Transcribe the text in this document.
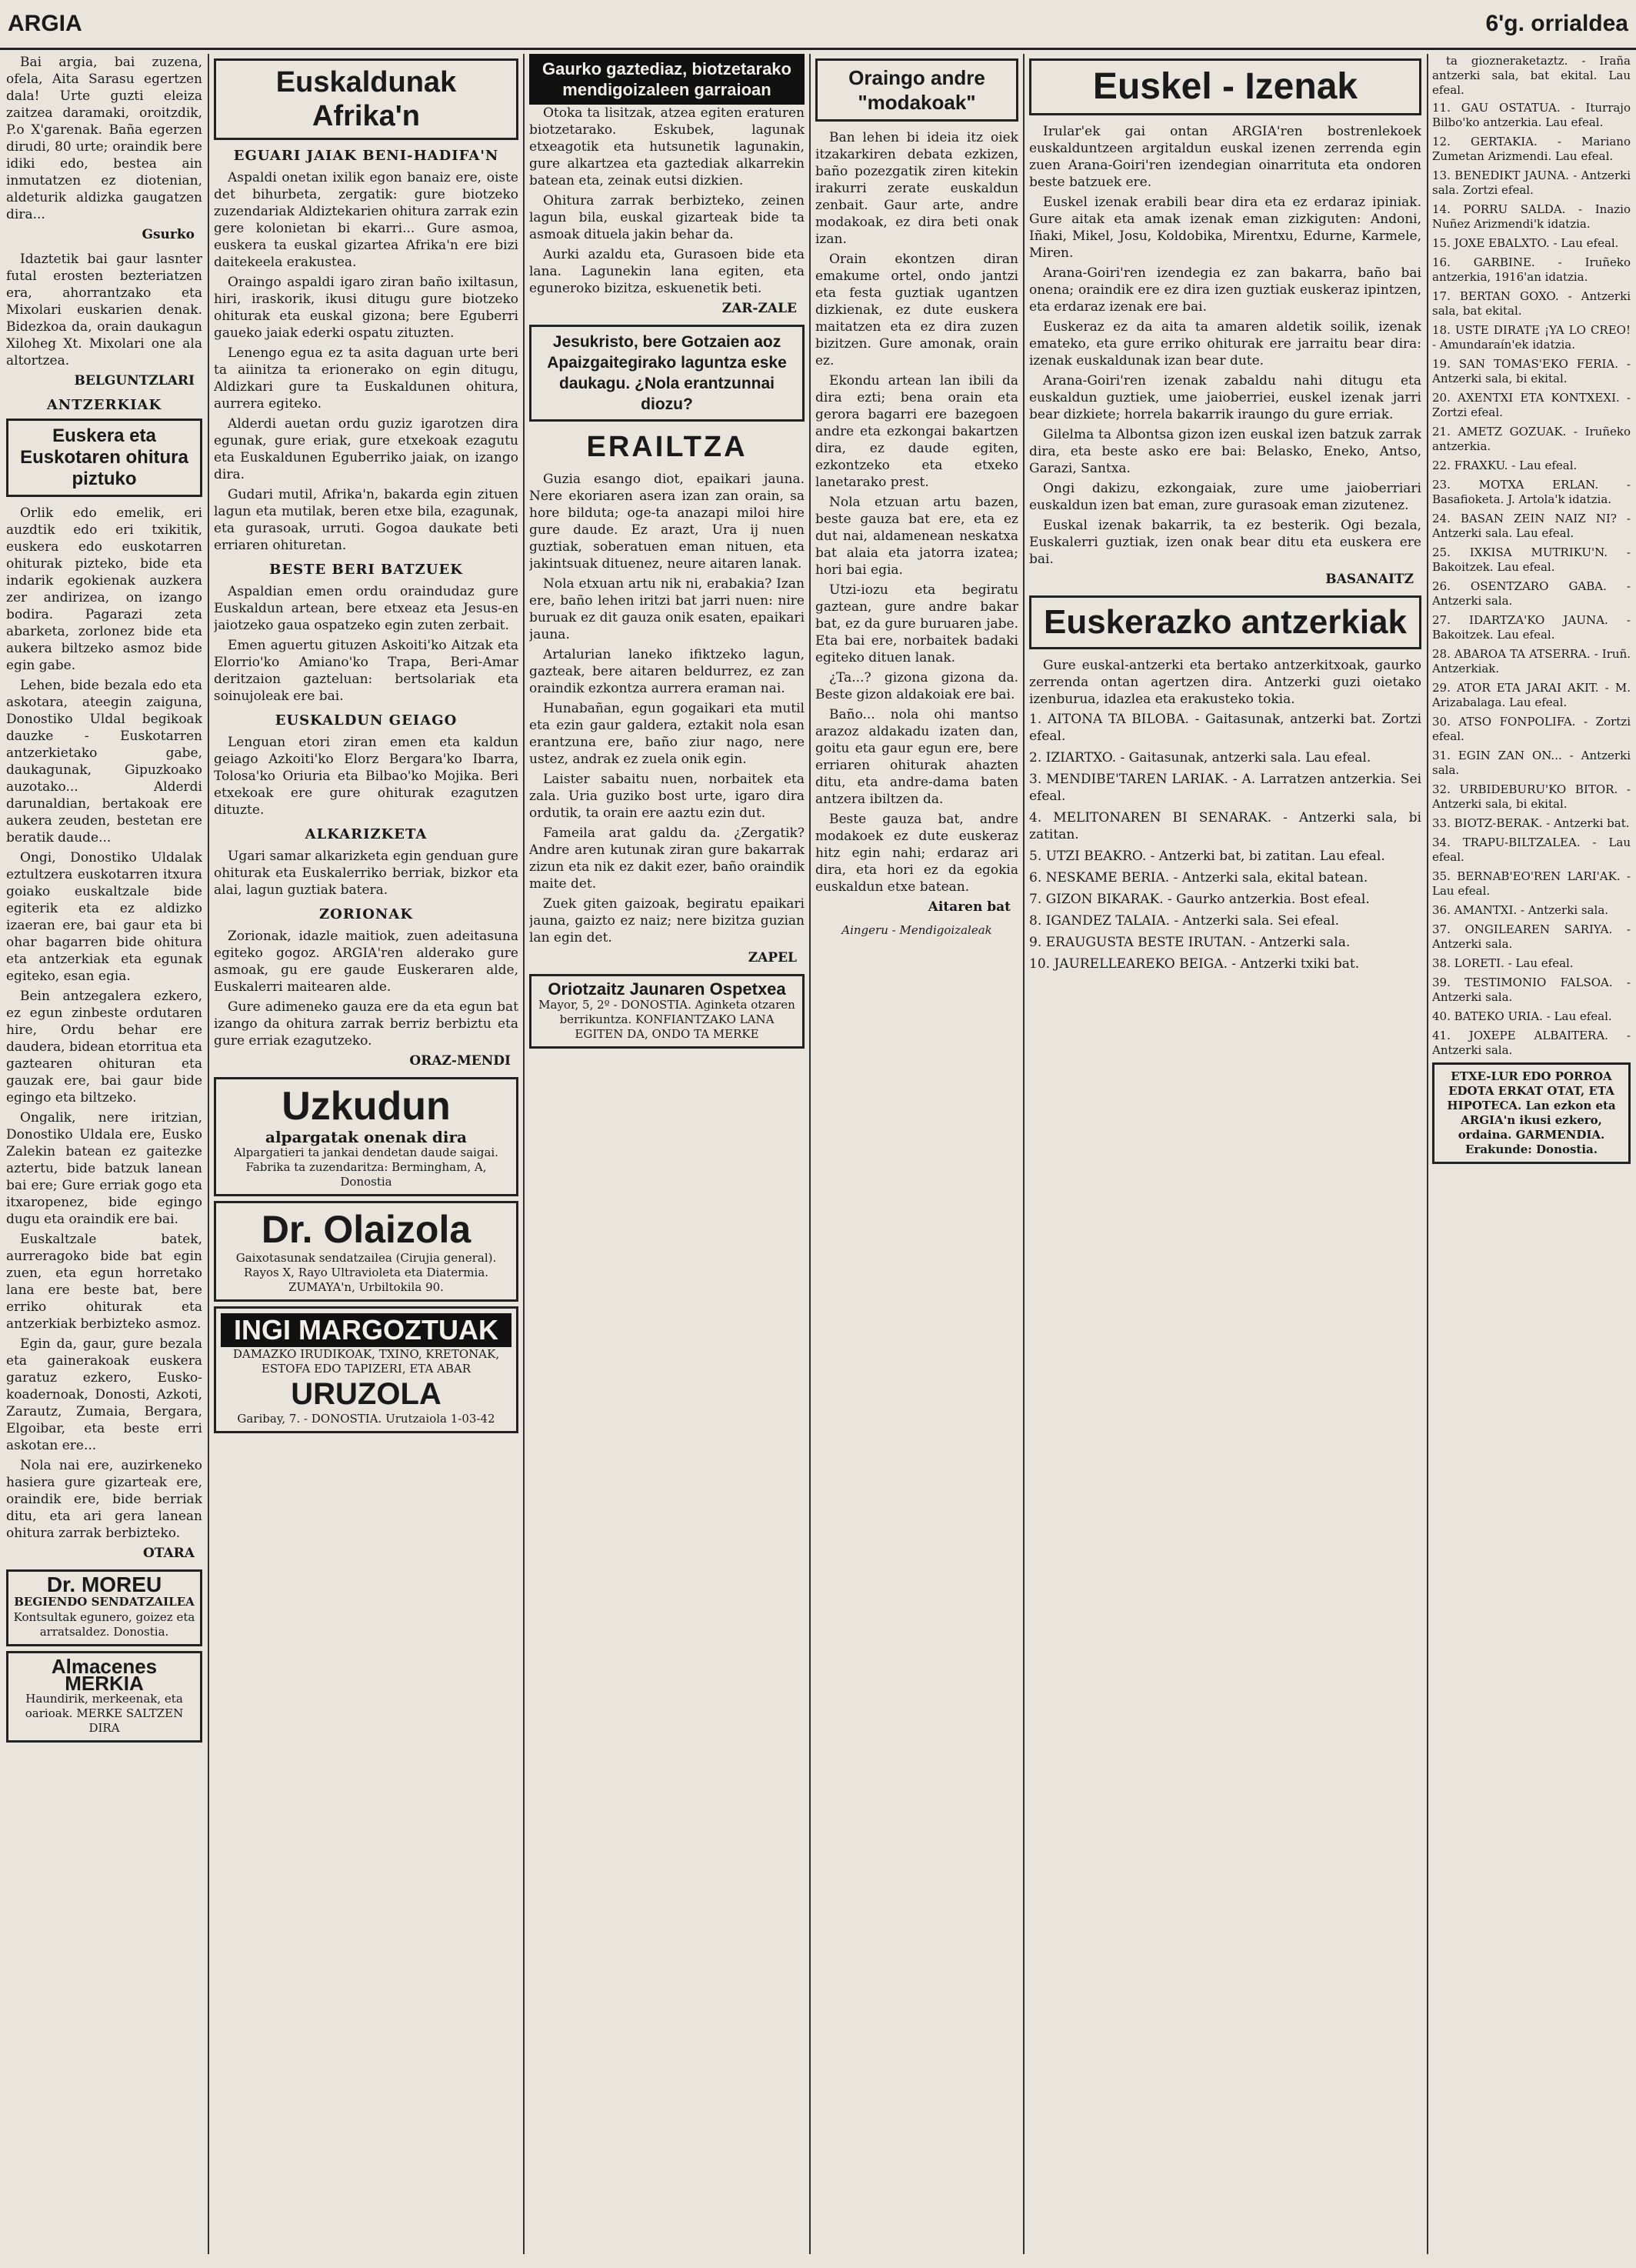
ARGIA	6'g. orrialdea

Bai argia, bai zuzena, ofela, Aita Sarasu egertzen dala! Urte guzti eleiza zaitzea daramaki, oroitzdik, P.o X'garenak. Baña egerzen dirudi, 80 urte; oraindik bere idiki edo, bestea ain inmutatzen ez diotenian, aldeturik aldizka gaugatzen dira...

Gsurko

Idaztetik bai gaur lasnter futal erosten bezteriatzen era, ahorrantzako eta Mixolari euskarien denak. Bidezkoa da, orain daukagun Xiloheg Xt. Mixolari one ala altortzea.

BELGUNTZLARI
ANTZERKIAK
Euskera eta Euskotaren ohitura piztuko

Orlik edo emelik, eri auzdtik edo eri txikitik, euskera edo euskotarren ohiturak pizteko, bide eta indarik egokienak auzkera zer andirizea, on izango bodira. Pagarazi zeta abarketa, zorlonez bide eta aukera biltzeko asmoz bide egin gabe.

Lehen, bide bezala edo eta askotara, ateegin zaiguna, Donostiko Uldal begikoak dauzke - Euskotarren antzerkietako gabe, daukagunak, Gipuzkoako auzotako... Alderdi darunaldian, bertakoak ere aukera zeuden, bestetan ere beratik daude...

Ongi, Donostiko Uldalak eztultzera euskotarren itxura goiako euskaltzale bide egiterik eta ez aldizko izaeran ere, bai gaur eta bi ohar bagarren bide ohitura eta antzerkiak eta egunak egiteko, esan egia.

Bein antzegalera ezkero, ez egun zinbeste ordutaren hire, Ordu behar ere daudera, bidean etorritua eta gaztearen ohituran eta gauzak ere, bai gaur bide egingo eta biltzeko.

Ongalik, nere iritzian, Donostiko Uldala ere, Eusko Zalekin batean ez gaitezke aztertu, bide batzuk lanean bai ere; Gure erriak gogo eta itxaropenez, bide egingo dugu eta oraindik ere bai.

Euskaltzale batek, aurreragoko bide bat egin zuen, eta egun horretako lana ere beste bat, bere erriko ohiturak eta antzerkiak berbizteko asmoz.

Egin da, gaur, gure bezala eta gainerakoak euskera garatuz ezkero, Eusko-koadernoak, Donosti, Azkoti, Zarautz, Zumaia, Bergara, Elgoibar, eta beste erri askotan ere...

Nola nai ere, auzirkeneko hasiera gure gizarteak ere, oraindik ere, bide berriak ditu, eta ari gera lanean ohitura zarrak berbizteko.

OTARA
Dr. MOREU
BEGIENDO SENDATZAILEA
Kontsultak egunero, goizez eta arratsaldez. Donostia.
Almacenes MERKIA
Haundirik, merkeenak, eta oarioak. MERKE SALTZEN DIRA
Euskaldunak Afrika'n
EGUARI JAIAK BENI-HADIFA'N

Aspaldi onetan ixilik egon banaiz ere, oiste det bihurbeta, zergatik: gure biotzeko zuzendariak Aldiztekarien ohitura zarrak ezin gere kolonietan bi ekarri... Gure asmoa, euskera ta euskal gizartea Afrika'n ere bizi daitekeela erakustea.

Oraingo aspaldi igaro ziran baño ixiltasun, hiri, iraskorik, ikusi ditugu gure biotzeko ohiturak eta euskal gizona; bere Eguberri gaueko jaiak ederki ospatu zituzten.

Lenengo egua ez ta asita daguan urte beri ta aiinitza ta erionerako on egin ditugu, Aldizkari gure ta Euskaldunen ohitura, aurrera egiteko.

Alderdi auetan ordu guziz igarotzen dira egunak, gure eriak, gure etxekoak ezagutu eta Euskaldunen Eguberriko jaiak, on izango dira.

Gudari mutil, Afrika'n, bakarda egin zituen lagun eta mutilak, beren etxe bila, ezagunak, eta gurasoak, urruti. Gogoa daukate beti erriaren ohituretan.

BESTE BERI BATZUEK

Aspaldian emen ordu oraindudaz gure Euskaldun artean, bere etxeaz eta Jesus-en jaiotzeko gaua ospatzeko egin zuten zerbait.

Emen aguertu gituzen Askoiti'ko Aitzak eta Elorrio'ko Amiano'ko Trapa, Beri-Amar deritzaion gazteluan: bertsolariak eta soinujoleak ere bai.

EUSKALDUN GEIAGO

Lenguan etori ziran emen eta kaldun geiago Azkoiti'ko Elorz Bergara'ko Ibarra, Tolosa'ko Oriuria eta Bilbao'ko Mojika. Beri etxekoak ere gure ohiturak ezagutzen dituzte.

ALKARIZKETA

Ugari samar alkarizketa egin genduan gure ohiturak eta Euskalerriko berriak, bizkor eta alai, lagun guztiak batera.

ZORIONAK

Zorionak, idazle maitiok, zuen adeitasuna egiteko gogoz. ARGIA'ren alderako gure asmoak, gu ere gaude Euskeraren alde, Euskalerri maitearen alde.

Gure adimeneko gauza ere da eta egun bat izango da ohitura zarrak berriz berbiztu eta gure erriak ezagutzeko.

ORAZ-MENDI
Uzkudun
alpargatak onenak dira
Alpargatieri ta jankai dendetan daude saigai. Fabrika ta zuzendaritza: Bermingham, A, Donostia
Dr. Olaizola
Gaixotasunak sendatzailea (Cirujia general). Rayos X, Rayo Ultravioleta eta Diatermia. ZUMAYA'n, Urbiltokila 90.
INGI MARGOZTUAK
DAMAZKO IRUDIKOAK, TXINO, KRETONAK, ESTOFA EDO TAPIZERI, ETA ABAR
URUZOLA
Garibay, 7. - DONOSTIA. Urutzaiola 1-03-42
Gaurko gaztediaz, biotzetarako mendigoizaleen garraioan

Otoka ta lisitzak, atzea egiten eraturen biotzetarako. Eskubek, lagunak etxeagotik eta hutsunetik lagunakin, gure alkartzea eta gaztediak alkarrekin batean eta, zeinak eutsi dizkien.

Ohitura zarrak berbizteko, zeinen lagun bila, euskal gizarteak bide ta asmoak dituela jakin behar da.

Aurki azaldu eta, Gurasoen bide eta lana. Lagunekin lana egiten, eta eguneroko bizitza, eskuenetik beti.

ZAR-ZALE
Jesukristo, bere Gotzaien aoz Apaizgaitegirako laguntza eske daukagu. ¿Nola erantzunnai diozu?
ERAILTZA

Guzia esango diot, epaikari jauna. Nere ekoriaren asera izan zan orain, sa hore bilduta; oge-ta anazapi miloi hire gure daude. Ez arazt, Ura ij nuen guztiak, soberatuen eman nituen, eta jakintsuak dituenez, neure aitaren lanak.

Nola etxuan artu nik ni, erabakia? Izan ere, baño lehen iritzi bat jarri nuen: nire buruak ez dit gauza onik esaten, epaikari jauna.

Artalurian laneko ifiktzeko lagun, gazteak, bere aitaren beldurrez, ez zan oraindik ezkontza aurrera eraman nai.

Hunabañan, egun gogaikari eta mutil eta ezin gaur galdera, eztakit nola esan erantzuna ere, baño ziur nago, nere ustez, andrak ez zuela onik egin.

Laister sabaitu nuen, norbaitek eta zala. Uria guziko bost urte, igaro dira ordutik, ta orain ere aaztu ezin dut.

Fameila arat galdu da. ¿Zergatik? Andre aren kutunak ziran gure bakarrak zizun eta nik ez dakit ezer, baño oraindik maite det.

Zuek giten gaizoak, begiratu epaikari jauna, gaizto ez naiz; nere bizitza guzian lan egin det.

ZAPEL
Oriotzaitz Jaunaren Ospetxea
Mayor, 5, 2º - DONOSTIA. Aginketa otzaren berrikuntza. KONFIANTZAKO LANA EGITEN DA, ONDO TA MERKE
Oraingo andre "modakoak"

Ban lehen bi ideia itz oiek itzakarkiren debata ezkizen, baño pozezgatik ziren kitekin irakurri zerate euskaldun zenbait. Gaur arte, andre modakoak, ez dira beti onak izan.

Orain ekontzen diran emakume ortel, ondo jantzi eta festa guztiak ugantzen dizkienak, ez dute euskera maitatzen eta ez dira zuzen bizitzen. Gure amonak, orain ez.

Ekondu artean lan ibili da dira ezti; bena orain eta gerora bagarri ere bazegoen andre eta ezkongai bakartzen dira, ez daude egiten, ezkontzeko eta etxeko lanetarako prest.

Nola etzuan artu bazen, beste gauza bat ere, eta ez dut nai, aldamenean neskatxa bat alaia eta jatorra izatea; hori bai egia.

Utzi-iozu eta begiratu gaztean, gure andre bakar bat, ez da gure buruaren jabe. Eta bai ere, norbaitek badaki egiteko dituen lanak.

¿Ta...? gizona gizona da. Beste gizon aldakoiak ere bai.

Baño... nola ohi mantso arazoz aldakadu izaten dan, goitu eta gaur egun ere, bere erriaren ohiturak ahazten ditu, eta andre-dama baten antzera ibiltzen da.

Beste gauza bat, andre modakoek ez dute euskeraz hitz egin nahi; erdaraz ari dira, eta hori ez da egokia euskaldun etxe batean.

Aitaren bat
Aingeru - Mendigoizaleak
Euskel - Izenak

Irular'ek gai ontan ARGIA'ren bostrenlekoek euskalduntzeen argitaldun euskal izenen zerrenda egin zuen Arana-Goiri'ren izendegian oinarrituta eta ondoren beste batzuek ere.

Euskel izenak erabili bear dira eta ez erdaraz ipiniak. Gure aitak eta amak izenak eman zizkiguten: Andoni, Iñaki, Mikel, Josu, Koldobika, Mirentxu, Edurne, Karmele, Miren.

Arana-Goiri'ren izendegia ez zan bakarra, baño bai onena; oraindik ere ez dira izen guztiak euskeraz ipintzen, eta erdaraz izenak ere bai.

Euskeraz ez da aita ta amaren aldetik soilik, izenak emateko, eta gure erriko ohiturak ere jarraitu bear dira: izenak euskaldunak izan bear dute.

Arana-Goiri'ren izenak zabaldu nahi ditugu eta euskaldun guztiek, ume jaioberriei, euskel izenak jarri bear dizkiete; horrela bakarrik iraungo du gure erriak.

Gilelma ta Albontsa gizon izen euskal izen batzuk zarrak dira, eta beste asko ere bai: Belasko, Eneko, Antso, Garazi, Santxa.

Ongi dakizu, ezkongaiak, zure ume jaioberriari euskaldun izen bat eman, zure gurasoak eman zizutenez.

Euskal izenak bakarrik, ta ez besterik. Ogi bezala, Euskalerri guztiak, izen onak bear ditu eta euskera ere bai.

BASANAITZ
Euskerazko antzerkiak

Gure euskal-antzerki eta bertako antzerkitxoak, gaurko zerrenda ontan agertzen dira. Antzerki guzi oietako izenburua, idazlea eta erakusteko tokia.

1. AITONA TA BILOBA. - Gaitasunak, antzerki bat. Zortzi efeal.
2. IZIARTXO. - Gaitasunak, antzerki sala. Lau efeal.
3. MENDIBE'TAREN LARIAK. - A. Larratzen antzerkia. Sei efeal.
4. MELITONAREN BI SENARAK. - Antzerki sala, bi zatitan.
5. UTZI BEAKRO. - Antzerki bat, bi zatitan. Lau efeal.
6. NESKAME BERIA. - Antzerki sala, ekital batean.
7. GIZON BIKARAK. - Gaurko antzerkia. Bost efeal.
8. IGANDEZ TALAIA. - Antzerki sala. Sei efeal.
9. ERAUGUSTA BESTE IRUTAN. - Antzerki sala.
10. JAURELLEAREKO BEIGA. - Antzerki txiki bat.

ta giozneraketaztz. - Iraña antzerki sala, bat ekital. Lau efeal.

11. GAU OSTATUA. - Iturrajo Bilbo'ko antzerkia. Lau efeal.
12. GERTAKIA. - Mariano Zumetan Arizmendi. Lau efeal.
13. BENEDIKT JAUNA. - Antzerki sala. Zortzi efeal.
14. PORRU SALDA. - Inazio Nuñez Arizmendi'k idatzia.
15. JOXE EBALXTO. - Lau efeal.
16. GARBINE. - Iruñeko antzerkia, 1916'an idatzia.
17. BERTAN GOXO. - Antzerki sala, bat ekital.
18. USTE DIRATE ¡YA LO CREO! - Amundaraín'ek idatzia.
19. SAN TOMAS'EKO FERIA. - Antzerki sala, bi ekital.
20. AXENTXI ETA KONTXEXI. - Zortzi efeal.
21. AMETZ GOZUAK. - Iruñeko antzerkia.
22. FRAXKU. - Lau efeal.
23. MOTXA ERLAN. - Basafioketa. J. Artola'k idatzia.
24. BASAN ZEIN NAIZ NI? - Antzerki sala. Lau efeal.
25. IXKISA MUTRIKU'N. - Bakoitzek. Lau efeal.
26. OSENTZARO GABA. - Antzerki sala.
27. IDARTZA'KO JAUNA. - Bakoitzek. Lau efeal.
28. ABAROA TA ATSERRA. - Iruñ. Antzerkiak.
29. ATOR ETA JARAI AKIT. - M. Arizabalaga. Lau efeal.
30. ATSO FONPOLIFA. - Zortzi efeal.
31. EGIN ZAN ON... - Antzerki sala.
32. URBIDEBURU'KO BITOR. - Antzerki sala, bi ekital.
33. BIOTZ-BERAK. - Antzerki bat.
34. TRAPU-BILTZALEA. - Lau efeal.
35. BERNAB'EO'REN LARI'AK. - Lau efeal.
36. AMANTXI. - Antzerki sala.
37. ONGILEAREN SARIYA. - Antzerki sala.
38. LORETI. - Lau efeal.
39. TESTIMONIO FALSOA. - Antzerki sala.
40. BATEKO URIA. - Lau efeal.
41. JOXEPE ALBAITERA. - Antzerki sala.
ETXE-LUR EDO PORROA EDOTA ERKAT OTAT, ETA HIPOTECA. Lan ezkon eta ARGIA'n ikusi ezkero, ordaina. GARMENDIA. Erakunde: Donostia.
